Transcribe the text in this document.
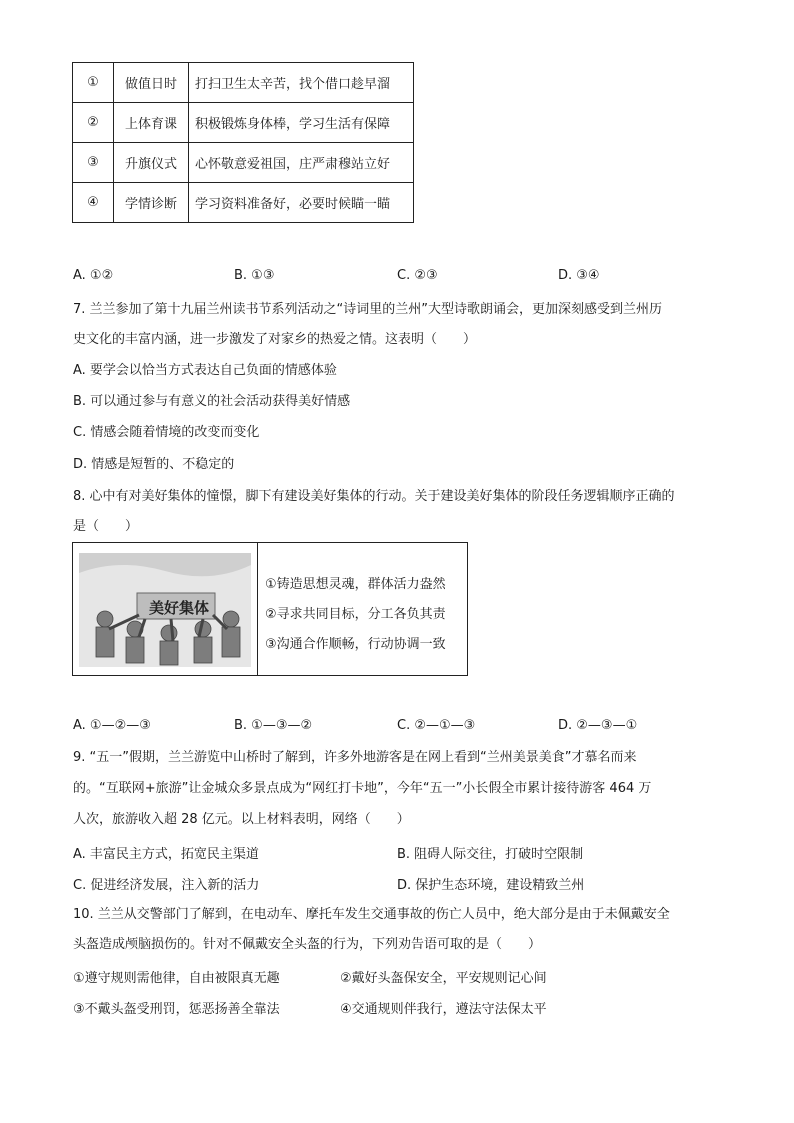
①	做值日时	打扫卫生太辛苦，找个借口趁早溜
②	上体育课	积极锻炼身体棒，学习生活有保障
③	升旗仪式	心怀敬意爱祖国，庄严肃穆站立好
④	学情诊断	学习资料准备好，必要时候瞄一瞄
A. ①②	B. ①③	C. ②③	D. ③④
7. 兰兰参加了第十九届兰州读书节系列活动之“诗词里的兰州”大型诗歌朗诵会，更加深刻感受到兰州历
史文化的丰富内涵，进一步激发了对家乡的热爱之情。这表明（　　）
A. 要学会以恰当方式表达自己负面的情感体验
B. 可以通过参与有意义的社会活动获得美好情感
C. 情感会随着情境的改变而变化
D. 情感是短暂的、不稳定的
8. 心中有对美好集体的憧憬，脚下有建设美好集体的行动。关于建设美好集体的阶段任务逻辑顺序正确的
是（　　）
美好集体
①铸造思想灵魂，群体活力盎然
②寻求共同目标，分工各负其责
③沟通合作顺畅，行动协调一致
A. ①—②—③	B. ①—③—②	C. ②—①—③	D. ②—③—①
9. “五一”假期，兰兰游览中山桥时了解到，许多外地游客是在网上看到“兰州美景美食”才慕名而来
的。“互联网+旅游”让金城众多景点成为“网红打卡地”，今年“五一”小长假全市累计接待游客 464 万
人次，旅游收入超 28 亿元。以上材料表明，网络（　　）
A. 丰富民主方式，拓宽民主渠道	B. 阻碍人际交往，打破时空限制
C. 促进经济发展，注入新的活力	D. 保护生态环境，建设精致兰州
10. 兰兰从交警部门了解到，在电动车、摩托车发生交通事故的伤亡人员中，绝大部分是由于未佩戴安全
头盔造成颅脑损伤的。针对不佩戴安全头盔的行为，下列劝告语可取的是（　　）
①遵守规则需他律，自由被限真无趣	②戴好头盔保安全，平安规则记心间
③不戴头盔受刑罚，惩恶扬善全靠法	④交通规则伴我行，遵法守法保太平
